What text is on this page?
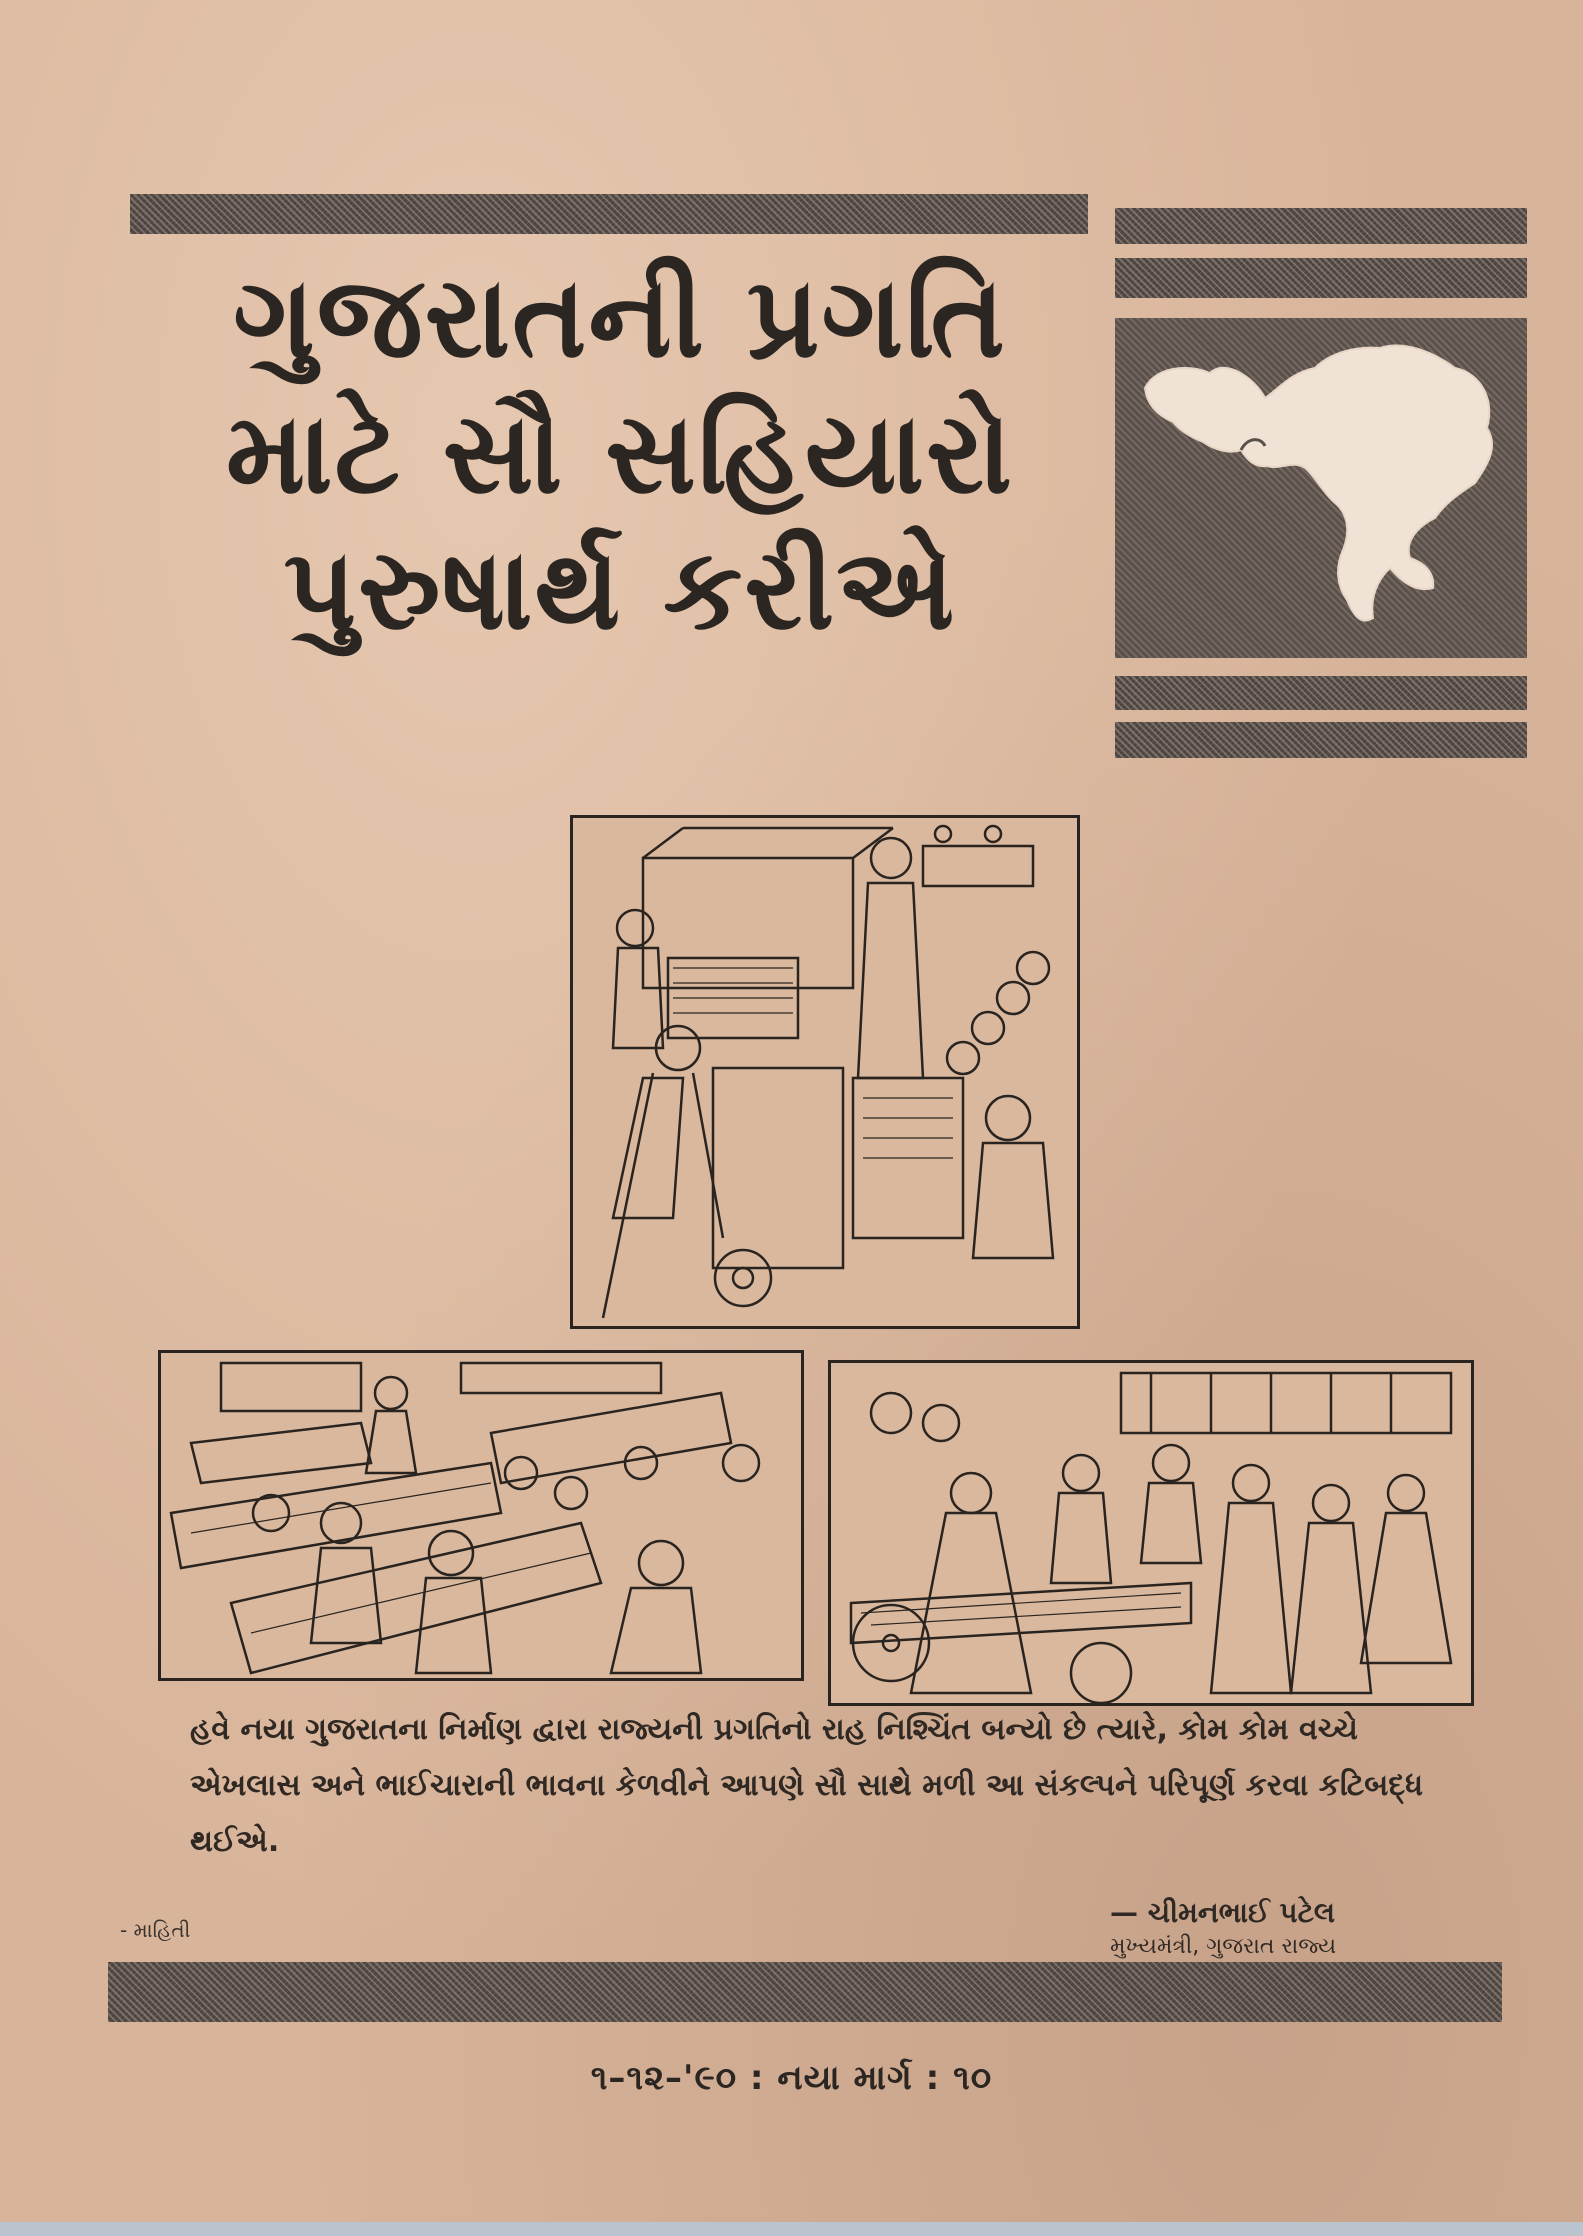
ગુજરાતની પ્રગતિ
માટે સૌ સહિયારો
પુરુષાર્થ કરીએ
હવે નયા ગુજરાતના નિર્માણ દ્વારા રાજ્યની પ્રગતિનો રાહ નિશ્ચિંત બન્યો છે ત્યારે, કોમ કોમ વચ્ચે એખલાસ અને ભાઈચારાની ભાવના કેળવીને આપણે સૌ સાથે મળી આ સંકલ્પને પરિપૂર્ણ કરવા કટિબદ્ધ થઈએ.
- માહિતી
— ચીમનભાઈ પટેલ
મુખ્યમંત્રી, ગુજરાત રાજ્ય
૧–૧૨–'૯૦ : નયા માર્ગ : ૧૦
